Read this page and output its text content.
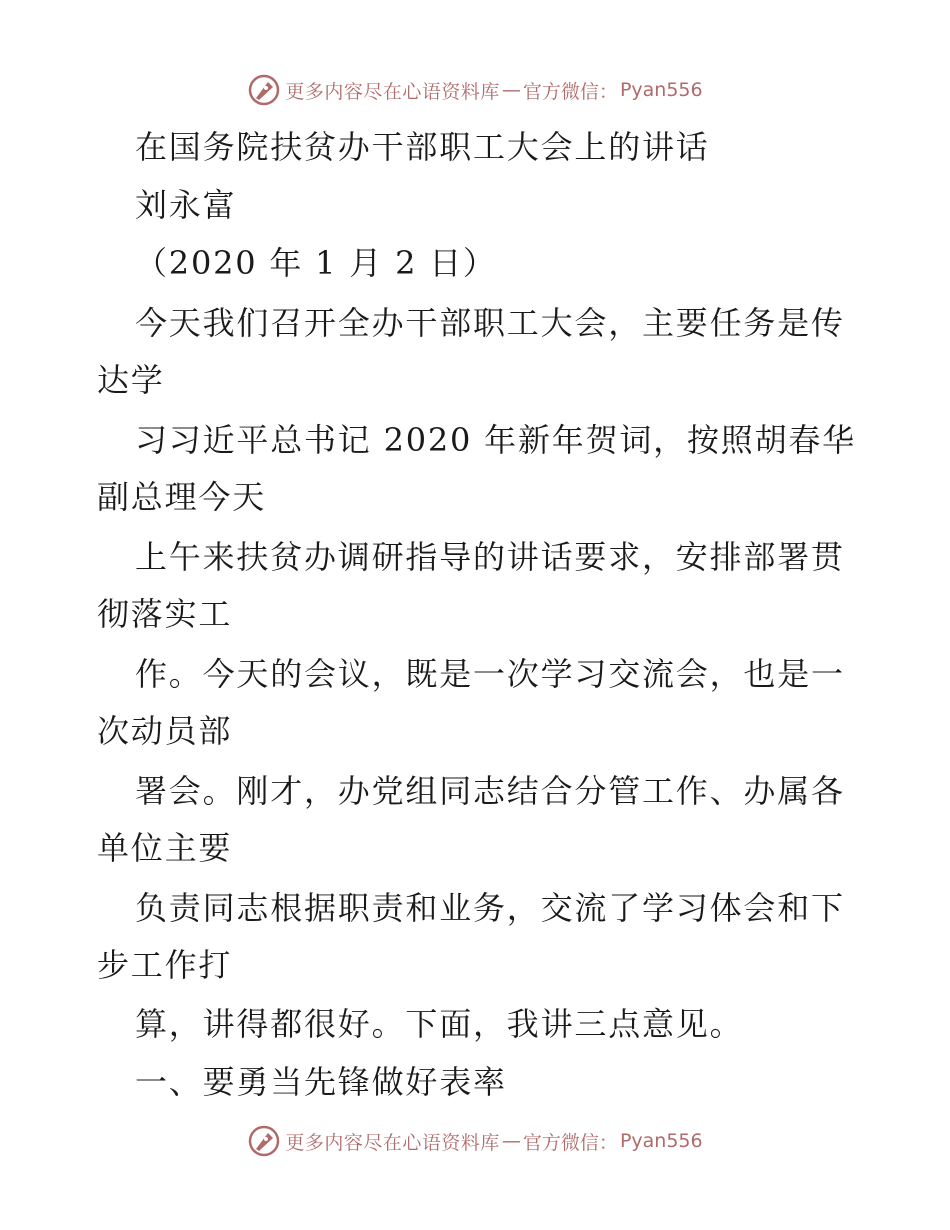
更多内容尽在心语资料库 — 官方微信： Pyan556
在国务院扶贫办干部职工大会上的讲话
刘永富
（2020 年 1 月 2 日）
今天我们召开全办干部职工大会，主要任务是传
达学
习习近平总书记 2020 年新年贺词，按照胡春华
副总理今天
上午来扶贫办调研指导的讲话要求，安排部署贯
彻落实工
作。今天的会议，既是一次学习交流会，也是一
次动员部
署会。刚才，办党组同志结合分管工作、办属各
单位主要
负责同志根据职责和业务，交流了学习体会和下
步工作打
算，讲得都很好。下面，我讲三点意见。
一、要勇当先锋做好表率
更多内容尽在心语资料库 — 官方微信： Pyan556
